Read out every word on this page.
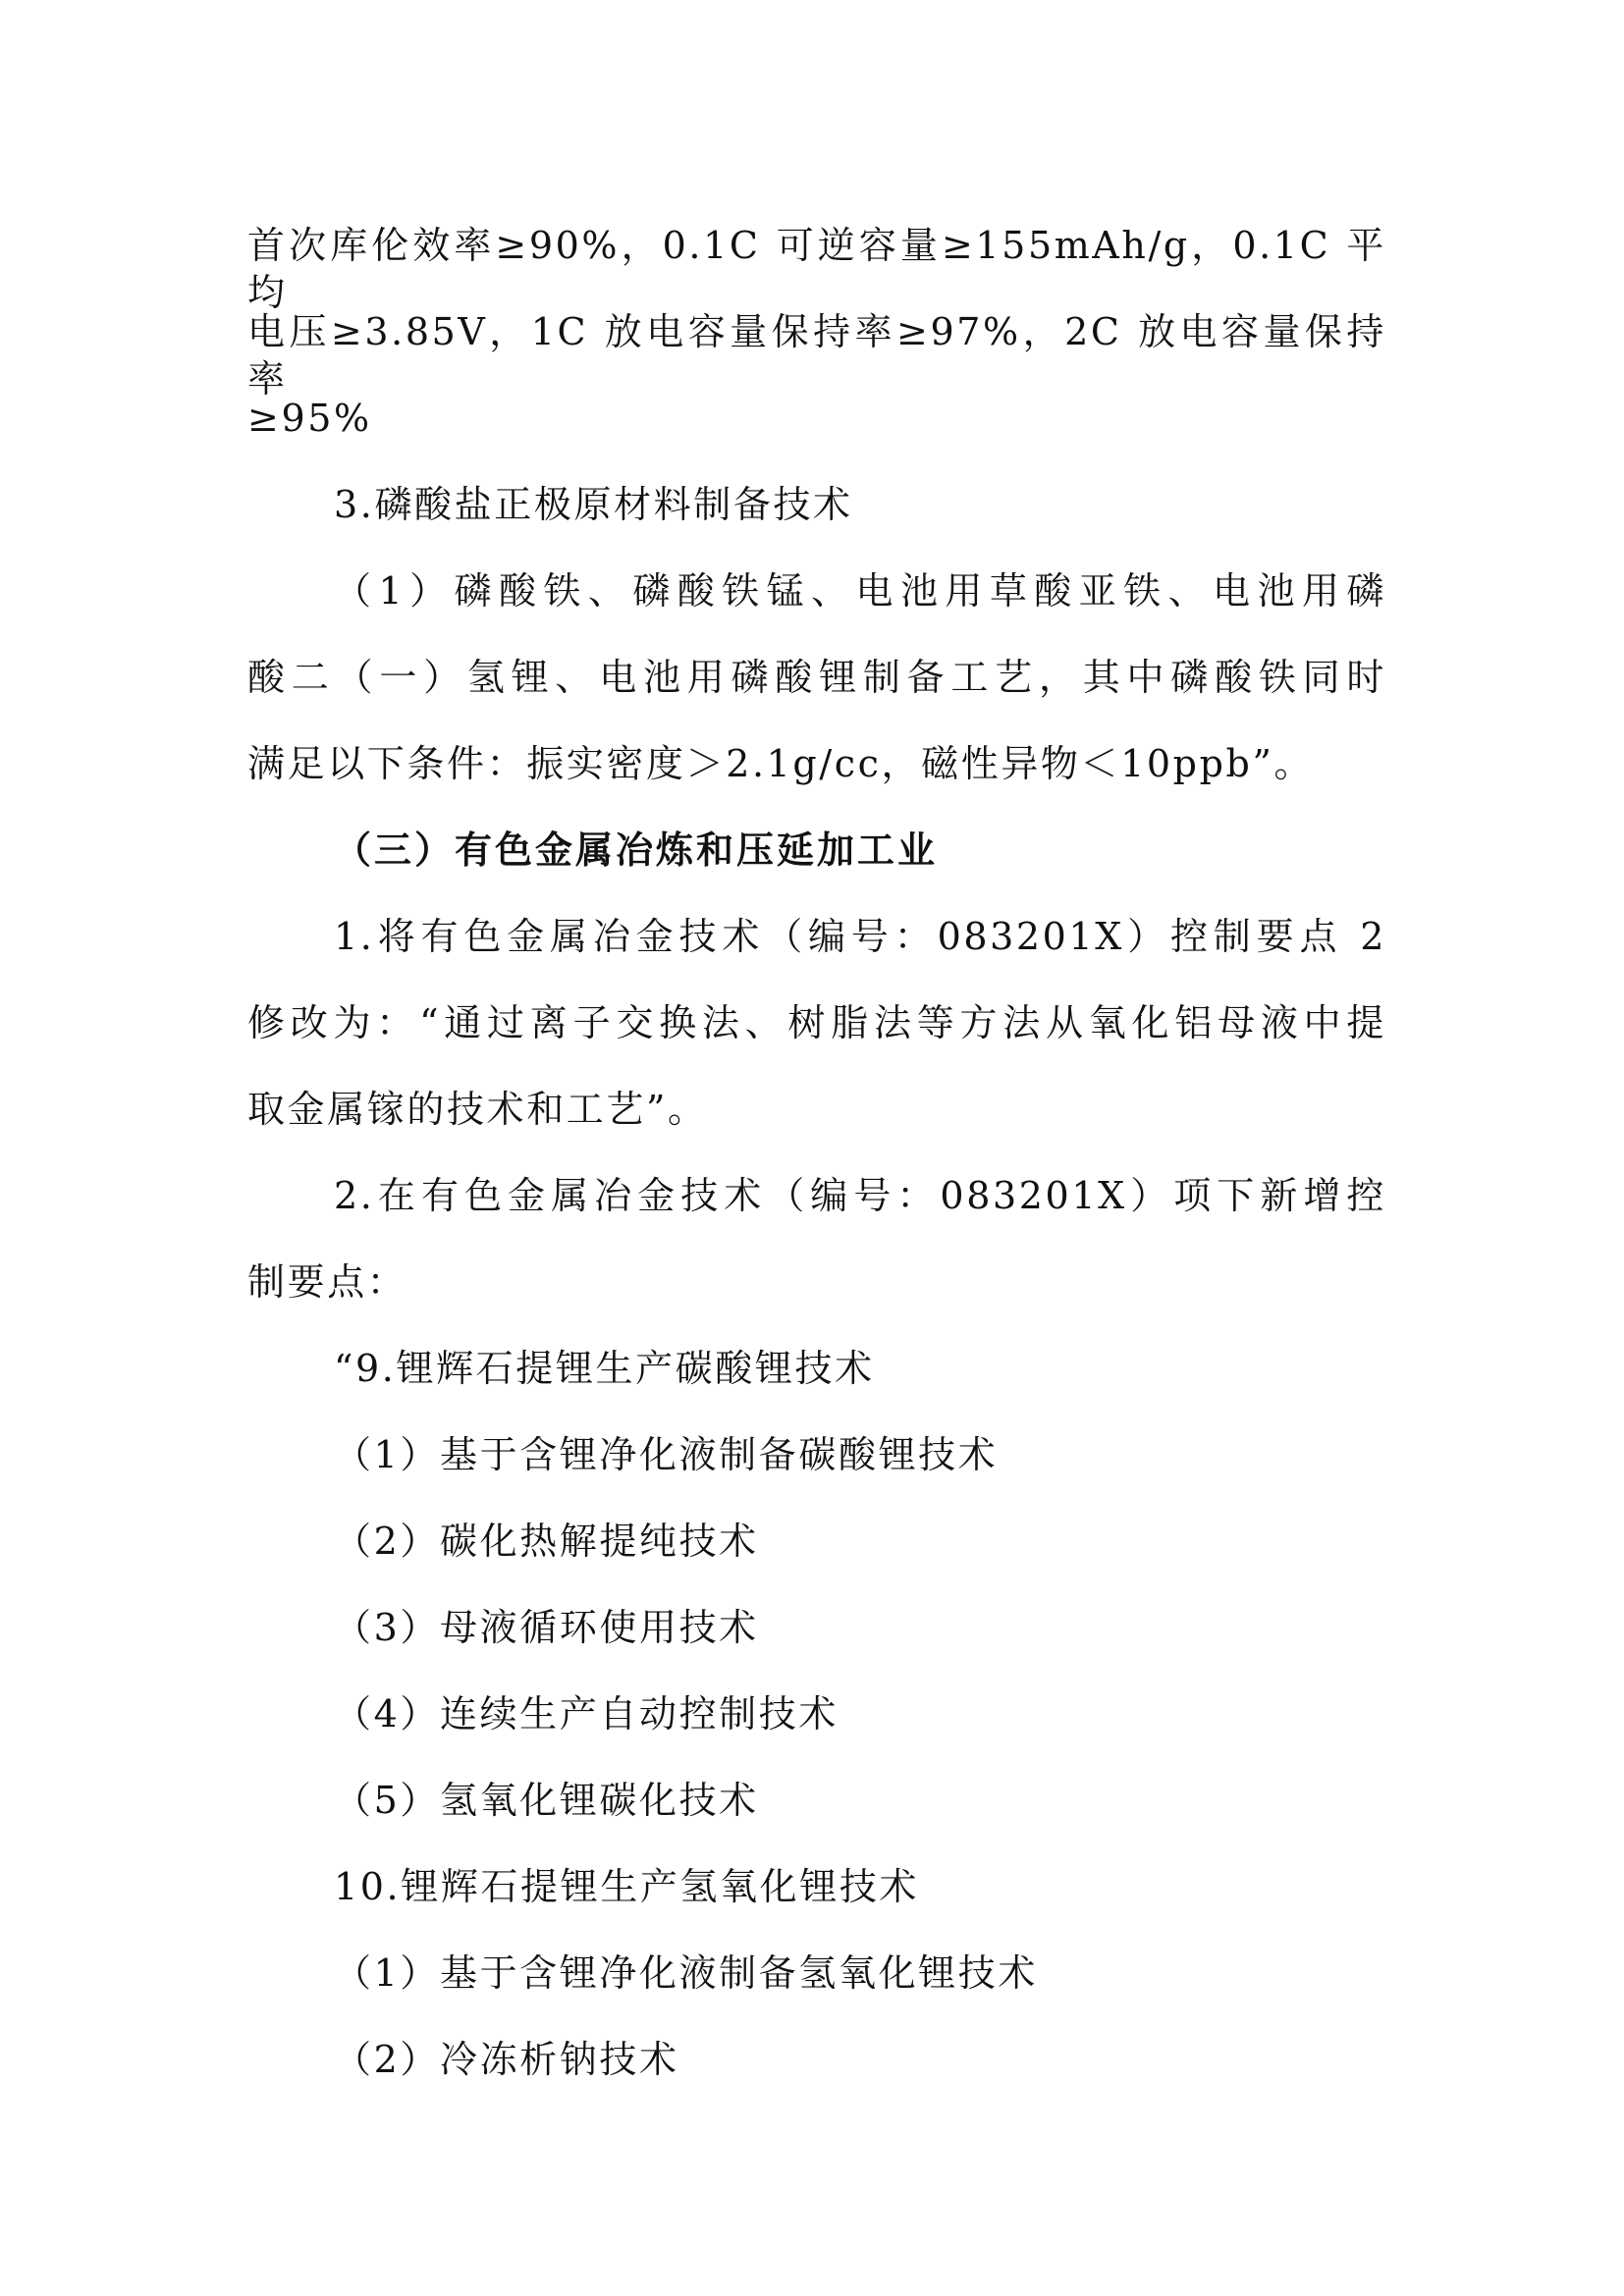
首次库伦效率≥90%，0.1C 可逆容量≥155mAh/g，0.1C 平均
电压≥3.85V，1C 放电容量保持率≥97%，2C 放电容量保持率
≥95%
3.磷酸盐正极原材料制备技术
（1）磷酸铁、磷酸铁锰、电池用草酸亚铁、电池用磷
酸二（一）氢锂、电池用磷酸锂制备工艺，其中磷酸铁同时
满足以下条件：振实密度＞2.1g/cc，磁性异物＜10ppb”。
（三）有色金属冶炼和压延加工业
1.将有色金属冶金技术（编号：083201X）控制要点 2
修改为：“通过离子交换法、树脂法等方法从氧化铝母液中提
取金属镓的技术和工艺”。
2.在有色金属冶金技术（编号：083201X）项下新增控
制要点：
“9.锂辉石提锂生产碳酸锂技术
（1）基于含锂净化液制备碳酸锂技术
（2）碳化热解提纯技术
（3）母液循环使用技术
（4）连续生产自动控制技术
（5）氢氧化锂碳化技术
10.锂辉石提锂生产氢氧化锂技术
（1）基于含锂净化液制备氢氧化锂技术
（2）冷冻析钠技术
